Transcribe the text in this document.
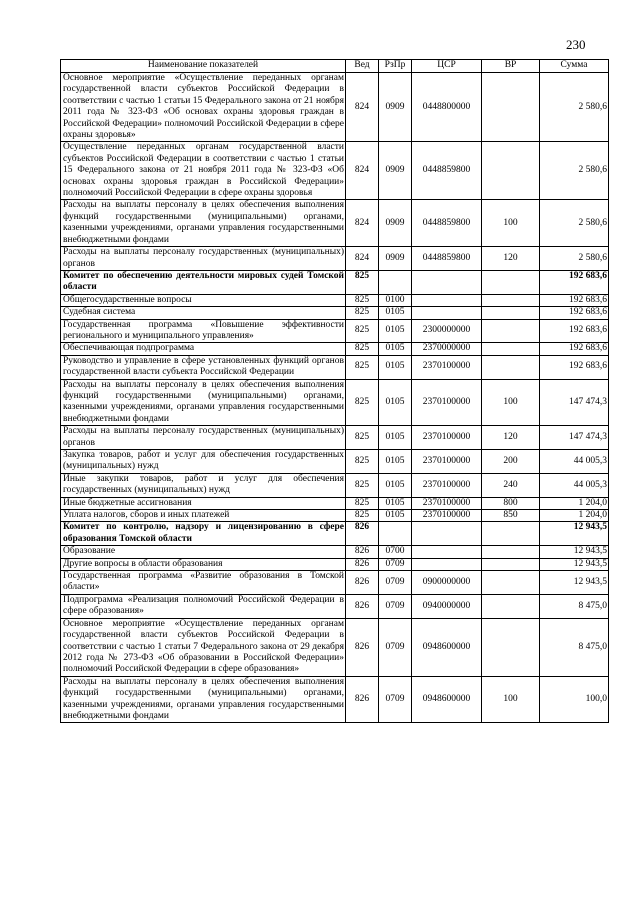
230
Наименование показателей	Вед	РзПр	ЦСР	ВР	Сумма
Основное мероприятие «Осуществление переданных органам государственной власти субъектов Российской Федерации в соответствии с частью 1 статьи 15 Федерального закона от 21 ноября 2011 года № 323-ФЗ «Об основах охраны здоровья граждан в Российской Федерации» полномочий Российской Федерации в сфере охраны здоровья»	824	0909	0448800000		2 580,6
Осуществление переданных органам государственной власти субъектов Российской Федерации в соответствии с частью 1 статьи 15 Федерального закона от 21 ноября 2011 года № 323-ФЗ «Об основах охраны здоровья граждан в Российской Федерации» полномочий Российской Федерации в сфере охраны здоровья	824	0909	0448859800		2 580,6
Расходы на выплаты персоналу в целях обеспечения выполнения функций государственными (муниципальными) органами, казенными учреждениями, органами управления государственными внебюджетными фондами	824	0909	0448859800	100	2 580,6
Расходы на выплаты персоналу государственных (муниципальных) органов	824	0909	0448859800	120	2 580,6
Комитет по обеспечению деятельности мировых судей Томской области	825				192 683,6
Общегосударственные вопросы	825	0100			192 683,6
Судебная система	825	0105			192 683,6
Государственная программа «Повышение эффективности регионального и муниципального управления»	825	0105	2300000000		192 683,6
Обеспечивающая подпрограмма	825	0105	2370000000		192 683,6
Руководство и управление в сфере установленных функций органов государственной власти субъекта Российской Федерации	825	0105	2370100000		192 683,6
Расходы на выплаты персоналу в целях обеспечения выполнения функций государственными (муниципальными) органами, казенными учреждениями, органами управления государственными внебюджетными фондами	825	0105	2370100000	100	147 474,3
Расходы на выплаты персоналу государственных (муниципальных) органов	825	0105	2370100000	120	147 474,3
Закупка товаров, работ и услуг для обеспечения государственных (муниципальных) нужд	825	0105	2370100000	200	44 005,3
Иные закупки товаров, работ и услуг для обеспечения государственных (муниципальных) нужд	825	0105	2370100000	240	44 005,3
Иные бюджетные ассигнования	825	0105	2370100000	800	1 204,0
Уплата налогов, сборов и иных платежей	825	0105	2370100000	850	1 204,0
Комитет по контролю, надзору и лицензированию в сфере образования Томской области	826				12 943,5
Образование	826	0700			12 943,5
Другие вопросы в области образования	826	0709			12 943,5
Государственная программа «Развитие образования в Томской области»	826	0709	0900000000		12 943,5
Подпрограмма «Реализация полномочий Российской Федерации в сфере образования»	826	0709	0940000000		8 475,0
Основное мероприятие «Осуществление переданных органам государственной власти субъектов Российской Федерации в соответствии с частью 1 статьи 7 Федерального закона от 29 декабря 2012 года № 273-ФЗ «Об образовании в Российской Федерации» полномочий Российской Федерации в сфере образования»	826	0709	0948600000		8 475,0
Расходы на выплаты персоналу в целях обеспечения выполнения функций государственными (муниципальными) органами, казенными учреждениями, органами управления государственными внебюджетными фондами	826	0709	0948600000	100	100,0
